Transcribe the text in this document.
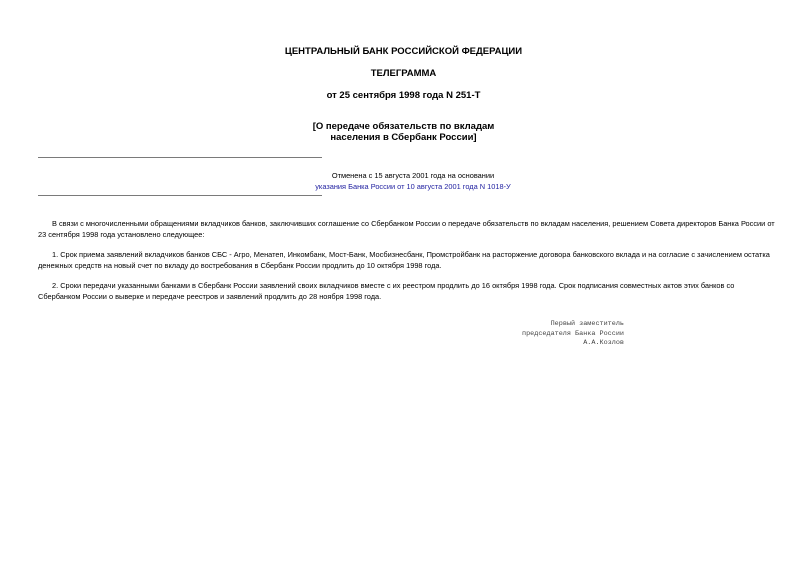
ЦЕНТРАЛЬНЫЙ БАНК РОССИЙСКОЙ ФЕДЕРАЦИИ
ТЕЛЕГРАММА
от 25 сентября 1998 года N 251-Т
[О передаче обязательств по вкладам
населения в Сбербанк России]
Отменена с 15 августа 2001 года на основании
указания Банка России от 10 августа 2001 года N 1018-У
В связи с многочисленными обращениями вкладчиков банков, заключивших соглашение со Сбербанком России о передаче обязательств по вкладам населения, решением Совета директоров Банка России от 23 сентября 1998 года установлено следующее:
1. Срок приема заявлений вкладчиков банков СБС - Агро, Менатеп, Инкомбанк, Мост-Банк, Мосбизнесбанк, Промстройбанк на расторжение договора банковского вклада и на согласие с зачислением остатка денежных средств на новый счет по вкладу до востребования в Сбербанк России продлить до 10 октября 1998 года.
2. Сроки передачи указанными банками в Сбербанк России заявлений своих вкладчиков вместе с их реестром продлить до 16 октября 1998 года. Срок подписания совместных актов этих банков со Сбербанком России о выверке и передаче реестров и заявлений продлить до 28 ноября 1998 года.
Первый заместитель
председателя Банка России
А.А.Козлов
